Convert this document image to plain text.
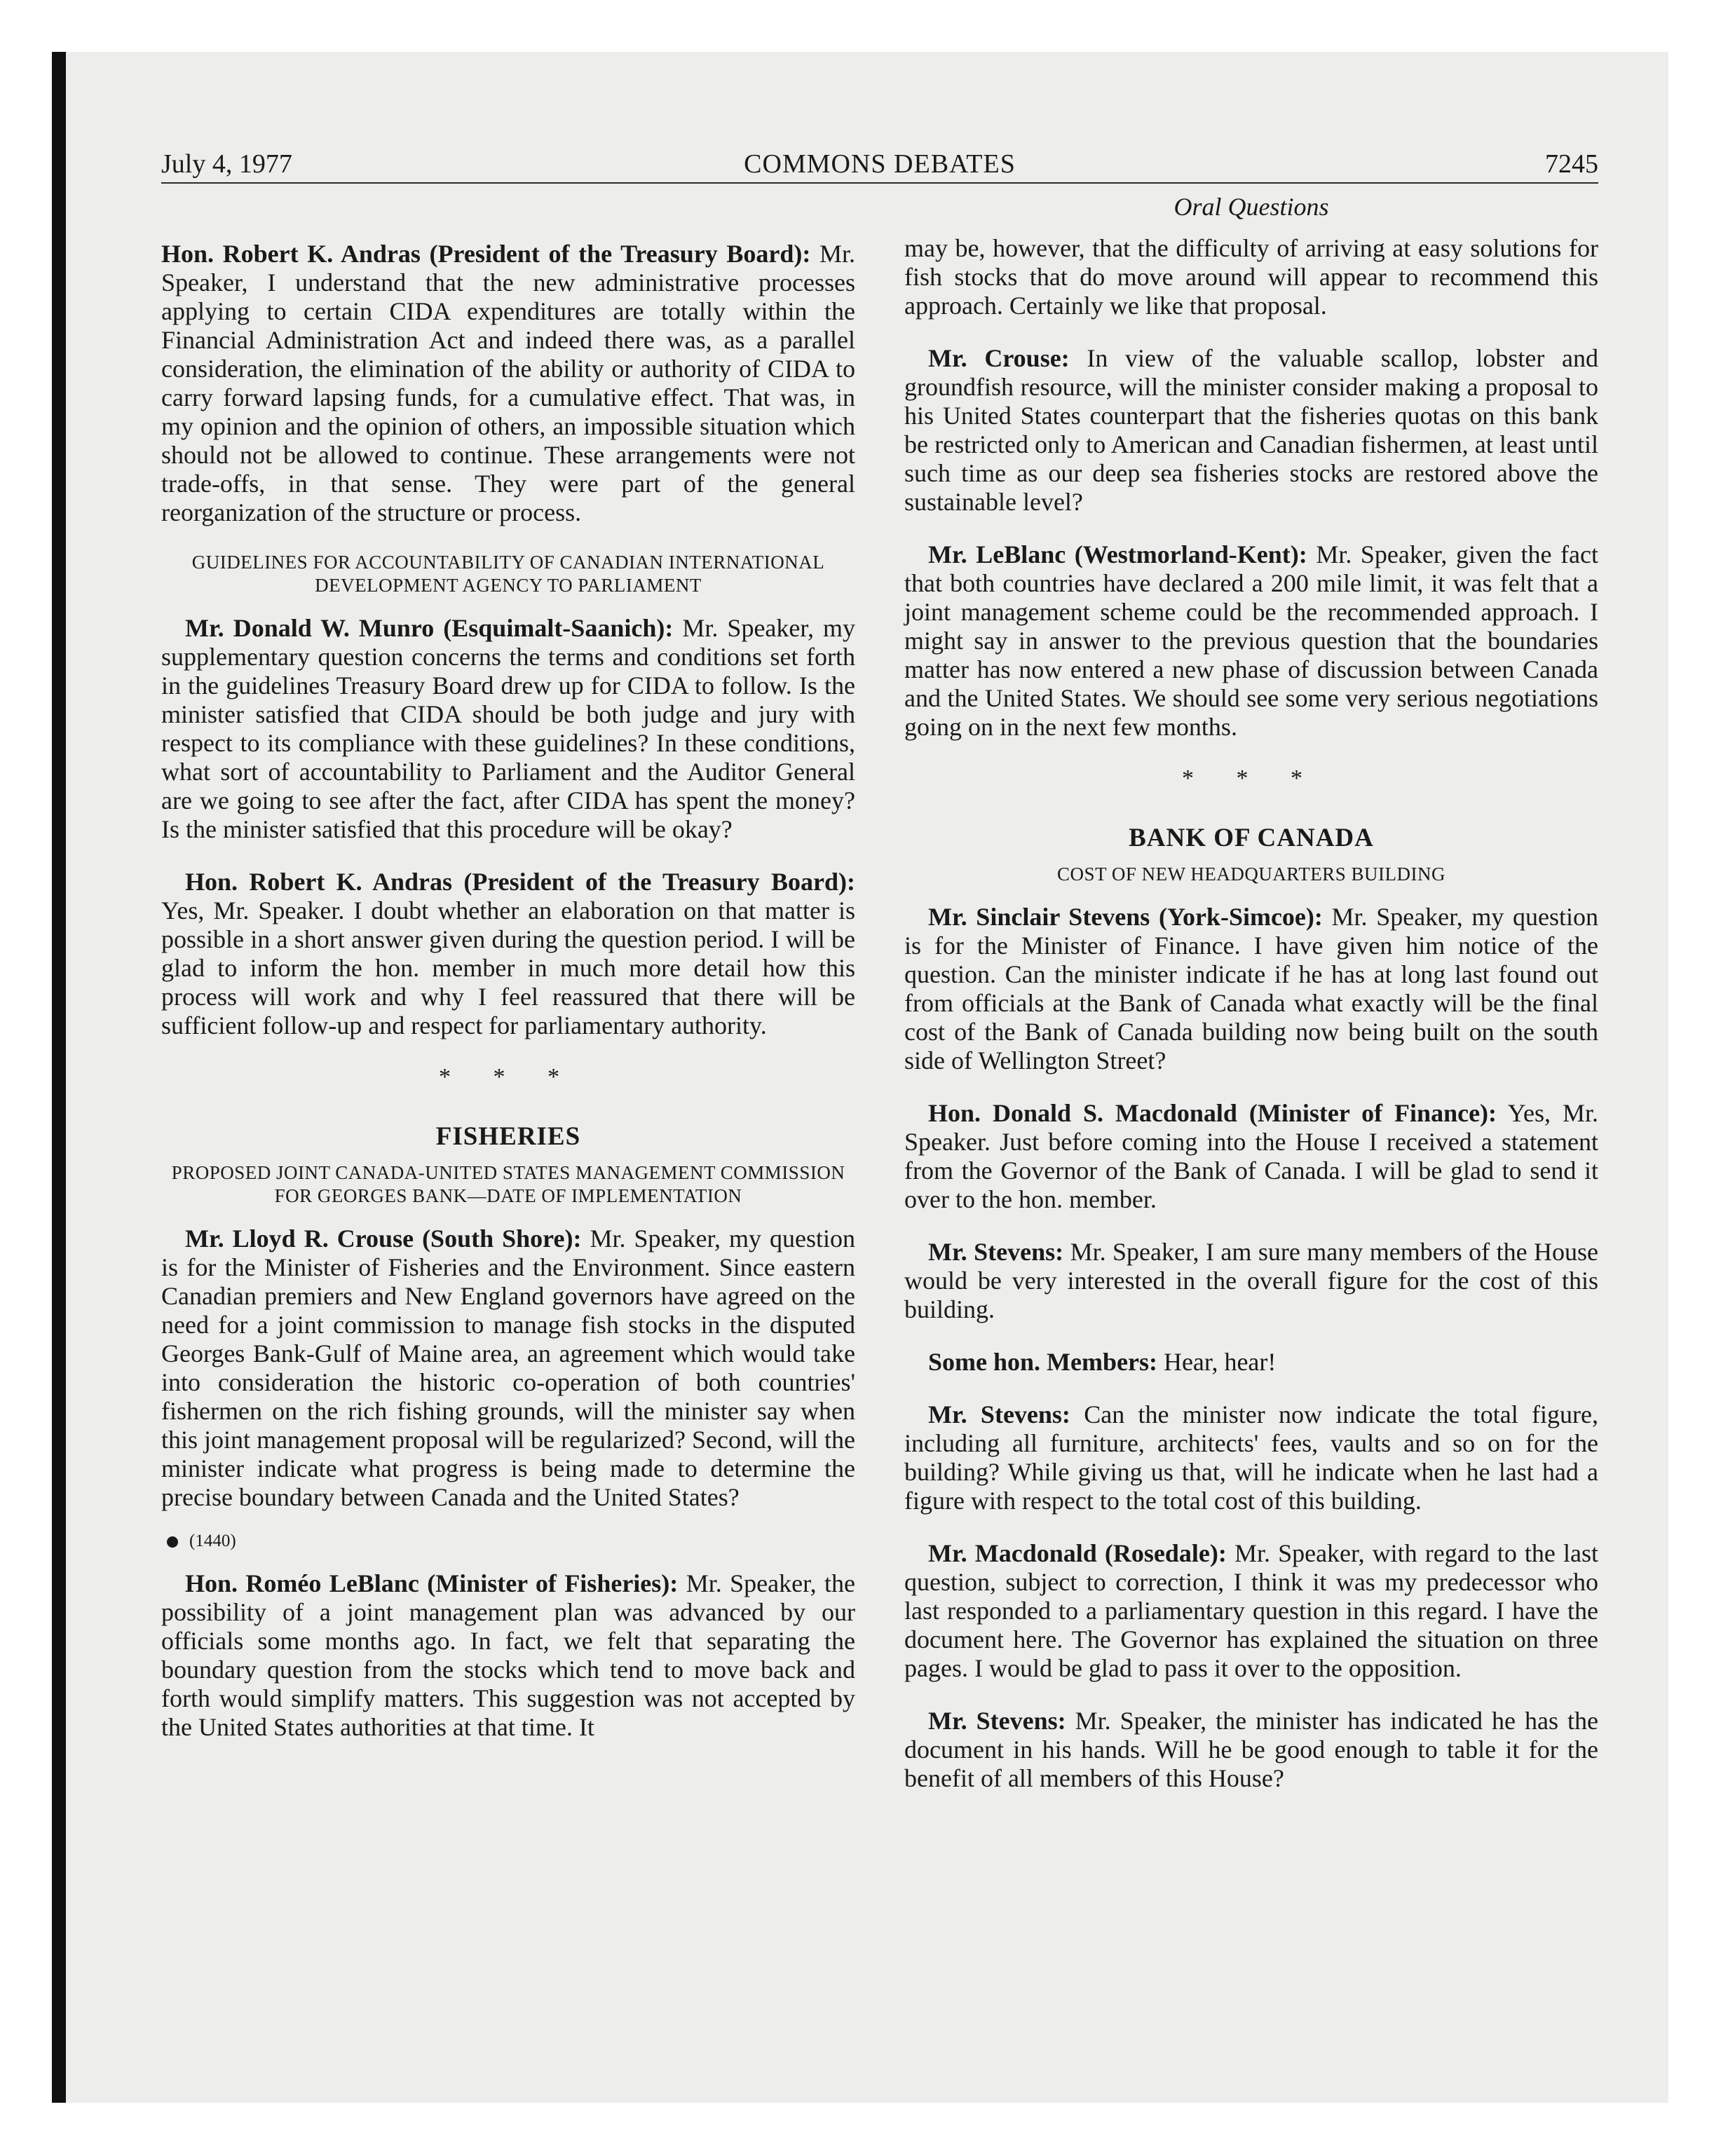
July 4, 1977	COMMONS DEBATES	7245

Hon. Robert K. Andras (President of the Treasury Board): Mr. Speaker, I understand that the new administrative processes applying to certain CIDA expenditures are totally within the Financial Administration Act and indeed there was, as a parallel consideration, the elimination of the ability or authority of CIDA to carry forward lapsing funds, for a cumulative effect. That was, in my opinion and the opinion of others, an impossible situation which should not be allowed to continue. These arrangements were not trade-offs, in that sense. They were part of the general reorganization of the structure or process.

GUIDELINES FOR ACCOUNTABILITY OF CANADIAN INTERNATIONAL DEVELOPMENT AGENCY TO PARLIAMENT

Mr. Donald W. Munro (Esquimalt-Saanich): Mr. Speaker, my supplementary question concerns the terms and conditions set forth in the guidelines Treasury Board drew up for CIDA to follow. Is the minister satisfied that CIDA should be both judge and jury with respect to its compliance with these guidelines? In these conditions, what sort of accountability to Parliament and the Auditor General are we going to see after the fact, after CIDA has spent the money? Is the minister satisfied that this procedure will be okay?

Hon. Robert K. Andras (President of the Treasury Board): Yes, Mr. Speaker. I doubt whether an elaboration on that matter is possible in a short answer given during the question period. I will be glad to inform the hon. member in much more detail how this process will work and why I feel reassured that there will be sufficient follow-up and respect for parliamentary authority.

* * *
FISHERIES
PROPOSED JOINT CANADA-UNITED STATES MANAGEMENT COMMISSION FOR GEORGES BANK—DATE OF IMPLEMENTATION

Mr. Lloyd R. Crouse (South Shore): Mr. Speaker, my question is for the Minister of Fisheries and the Environment. Since eastern Canadian premiers and New England governors have agreed on the need for a joint commission to manage fish stocks in the disputed Georges Bank-Gulf of Maine area, an agreement which would take into consideration the historic co-operation of both countries' fishermen on the rich fishing grounds, will the minister say when this joint management proposal will be regularized? Second, will the minister indicate what progress is being made to determine the precise boundary between Canada and the United States?

(1440)

Hon. Roméo LeBlanc (Minister of Fisheries): Mr. Speaker, the possibility of a joint management plan was advanced by our officials some months ago. In fact, we felt that separating the boundary question from the stocks which tend to move back and forth would simplify matters. This suggestion was not accepted by the United States authorities at that time. It

Oral Questions

may be, however, that the difficulty of arriving at easy solutions for fish stocks that do move around will appear to recommend this approach. Certainly we like that proposal.

Mr. Crouse: In view of the valuable scallop, lobster and groundfish resource, will the minister consider making a proposal to his United States counterpart that the fisheries quotas on this bank be restricted only to American and Canadian fishermen, at least until such time as our deep sea fisheries stocks are restored above the sustainable level?

Mr. LeBlanc (Westmorland-Kent): Mr. Speaker, given the fact that both countries have declared a 200 mile limit, it was felt that a joint management scheme could be the recommended approach. I might say in answer to the previous question that the boundaries matter has now entered a new phase of discussion between Canada and the United States. We should see some very serious negotiations going on in the next few months.

* * *
BANK OF CANADA
COST OF NEW HEADQUARTERS BUILDING

Mr. Sinclair Stevens (York-Simcoe): Mr. Speaker, my question is for the Minister of Finance. I have given him notice of the question. Can the minister indicate if he has at long last found out from officials at the Bank of Canada what exactly will be the final cost of the Bank of Canada building now being built on the south side of Wellington Street?

Hon. Donald S. Macdonald (Minister of Finance): Yes, Mr. Speaker. Just before coming into the House I received a statement from the Governor of the Bank of Canada. I will be glad to send it over to the hon. member.

Mr. Stevens: Mr. Speaker, I am sure many members of the House would be very interested in the overall figure for the cost of this building.

Some hon. Members: Hear, hear!

Mr. Stevens: Can the minister now indicate the total figure, including all furniture, architects' fees, vaults and so on for the building? While giving us that, will he indicate when he last had a figure with respect to the total cost of this building.

Mr. Macdonald (Rosedale): Mr. Speaker, with regard to the last question, subject to correction, I think it was my predecessor who last responded to a parliamentary question in this regard. I have the document here. The Governor has explained the situation on three pages. I would be glad to pass it over to the opposition.

Mr. Stevens: Mr. Speaker, the minister has indicated he has the document in his hands. Will he be good enough to table it for the benefit of all members of this House?
